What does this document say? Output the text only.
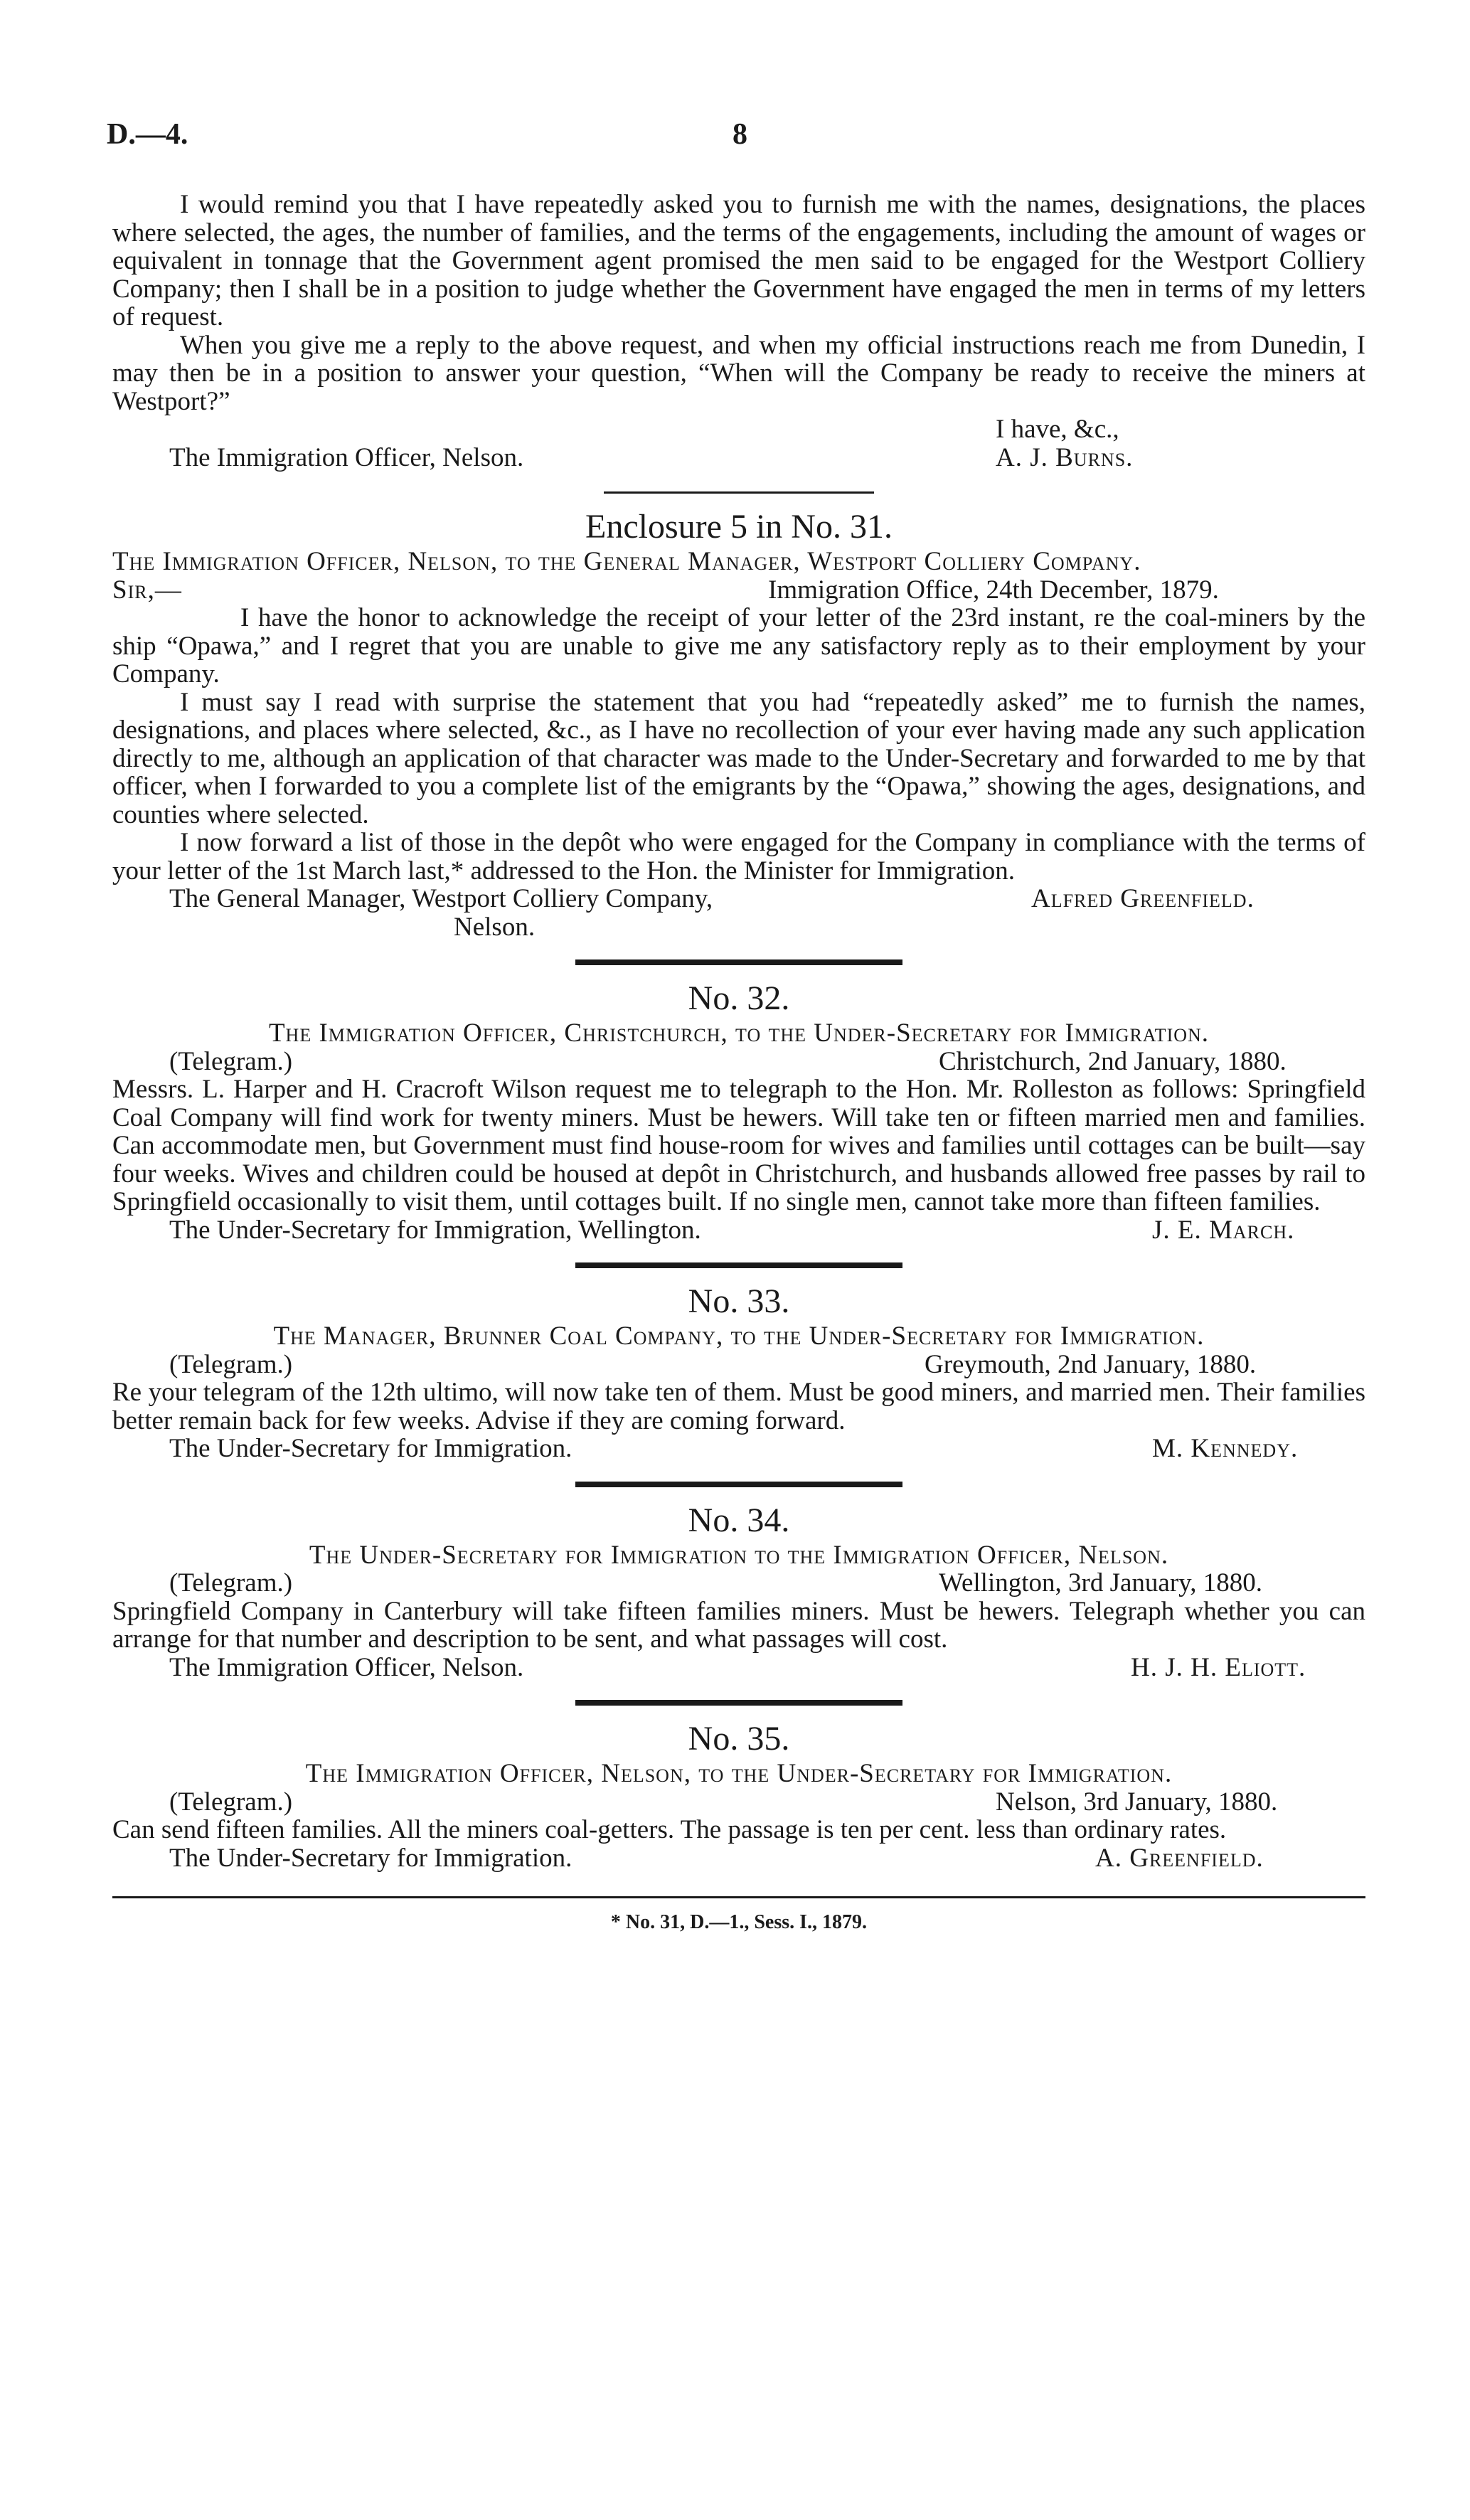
D.—4.	8

I would remind you that I have repeatedly asked you to furnish me with the names, designations, the places where selected, the ages, the number of families, and the terms of the engagements, including the amount of wages or equivalent in tonnage that the Government agent promised the men said to be engaged for the Westport Colliery Company; then I shall be in a position to judge whether the Government have engaged the men in terms of my letters of request.

When you give me a reply to the above request, and when my official instructions reach me from Dunedin, I may then be in a position to answer your question, “When will the Company be ready to receive the miners at Westport?”

I have, &c.,
The Immigration Officer, Nelson.	A. J. Burns.
Enclosure 5 in No. 31.

The Immigration Officer, Nelson, to the General Manager, Westport Colliery Company.

Sir,—	Immigration Office, 24th December, 1879.

I have the honor to acknowledge the receipt of your letter of the 23rd instant, re the coal-miners by the ship “Opawa,” and I regret that you are unable to give me any satisfactory reply as to their employment by your Company.

I must say I read with surprise the statement that you had “repeatedly asked” me to furnish the names, designations, and places where selected, &c., as I have no recollection of your ever having made any such application directly to me, although an application of that character was made to the Under-Secretary and forwarded to me by that officer, when I forwarded to you a complete list of the emigrants by the “Opawa,” showing the ages, designations, and counties where selected.

I now forward a list of those in the depôt who were engaged for the Company in compliance with the terms of your letter of the 1st March last,* addressed to the Hon. the Minister for Immigration.

The General Manager, Westport Colliery Company,	Alfred Greenfield.
Nelson.
No. 32.

The Immigration Officer, Christchurch, to the Under-Secretary for Immigration.

(Telegram.)	Christchurch, 2nd January, 1880.

Messrs. L. Harper and H. Cracroft Wilson request me to telegraph to the Hon. Mr. Rolleston as follows: Springfield Coal Company will find work for twenty miners. Must be hewers. Will take ten or fifteen married men and families. Can accommodate men, but Government must find house-room for wives and families until cottages can be built—say four weeks. Wives and children could be housed at depôt in Christchurch, and husbands allowed free passes by rail to Springfield occasionally to visit them, until cottages built. If no single men, cannot take more than fifteen families.

The Under-Secretary for Immigration, Wellington.	J. E. March.
No. 33.

The Manager, Brunner Coal Company, to the Under-Secretary for Immigration.

(Telegram.)	Greymouth, 2nd January, 1880.

Re your telegram of the 12th ultimo, will now take ten of them. Must be good miners, and married men. Their families better remain back for few weeks. Advise if they are coming forward.

The Under-Secretary for Immigration.	M. Kennedy.
No. 34.

The Under-Secretary for Immigration to the Immigration Officer, Nelson.

(Telegram.)	Wellington, 3rd January, 1880.

Springfield Company in Canterbury will take fifteen families miners. Must be hewers. Telegraph whether you can arrange for that number and description to be sent, and what passages will cost.

The Immigration Officer, Nelson.	H. J. H. Eliott.
No. 35.

The Immigration Officer, Nelson, to the Under-Secretary for Immigration.

(Telegram.)	Nelson, 3rd January, 1880.

Can send fifteen families. All the miners coal-getters. The passage is ten per cent. less than ordinary rates.

The Under-Secretary for Immigration.	A. Greenfield.
* No. 31, D.—1., Sess. I., 1879.
